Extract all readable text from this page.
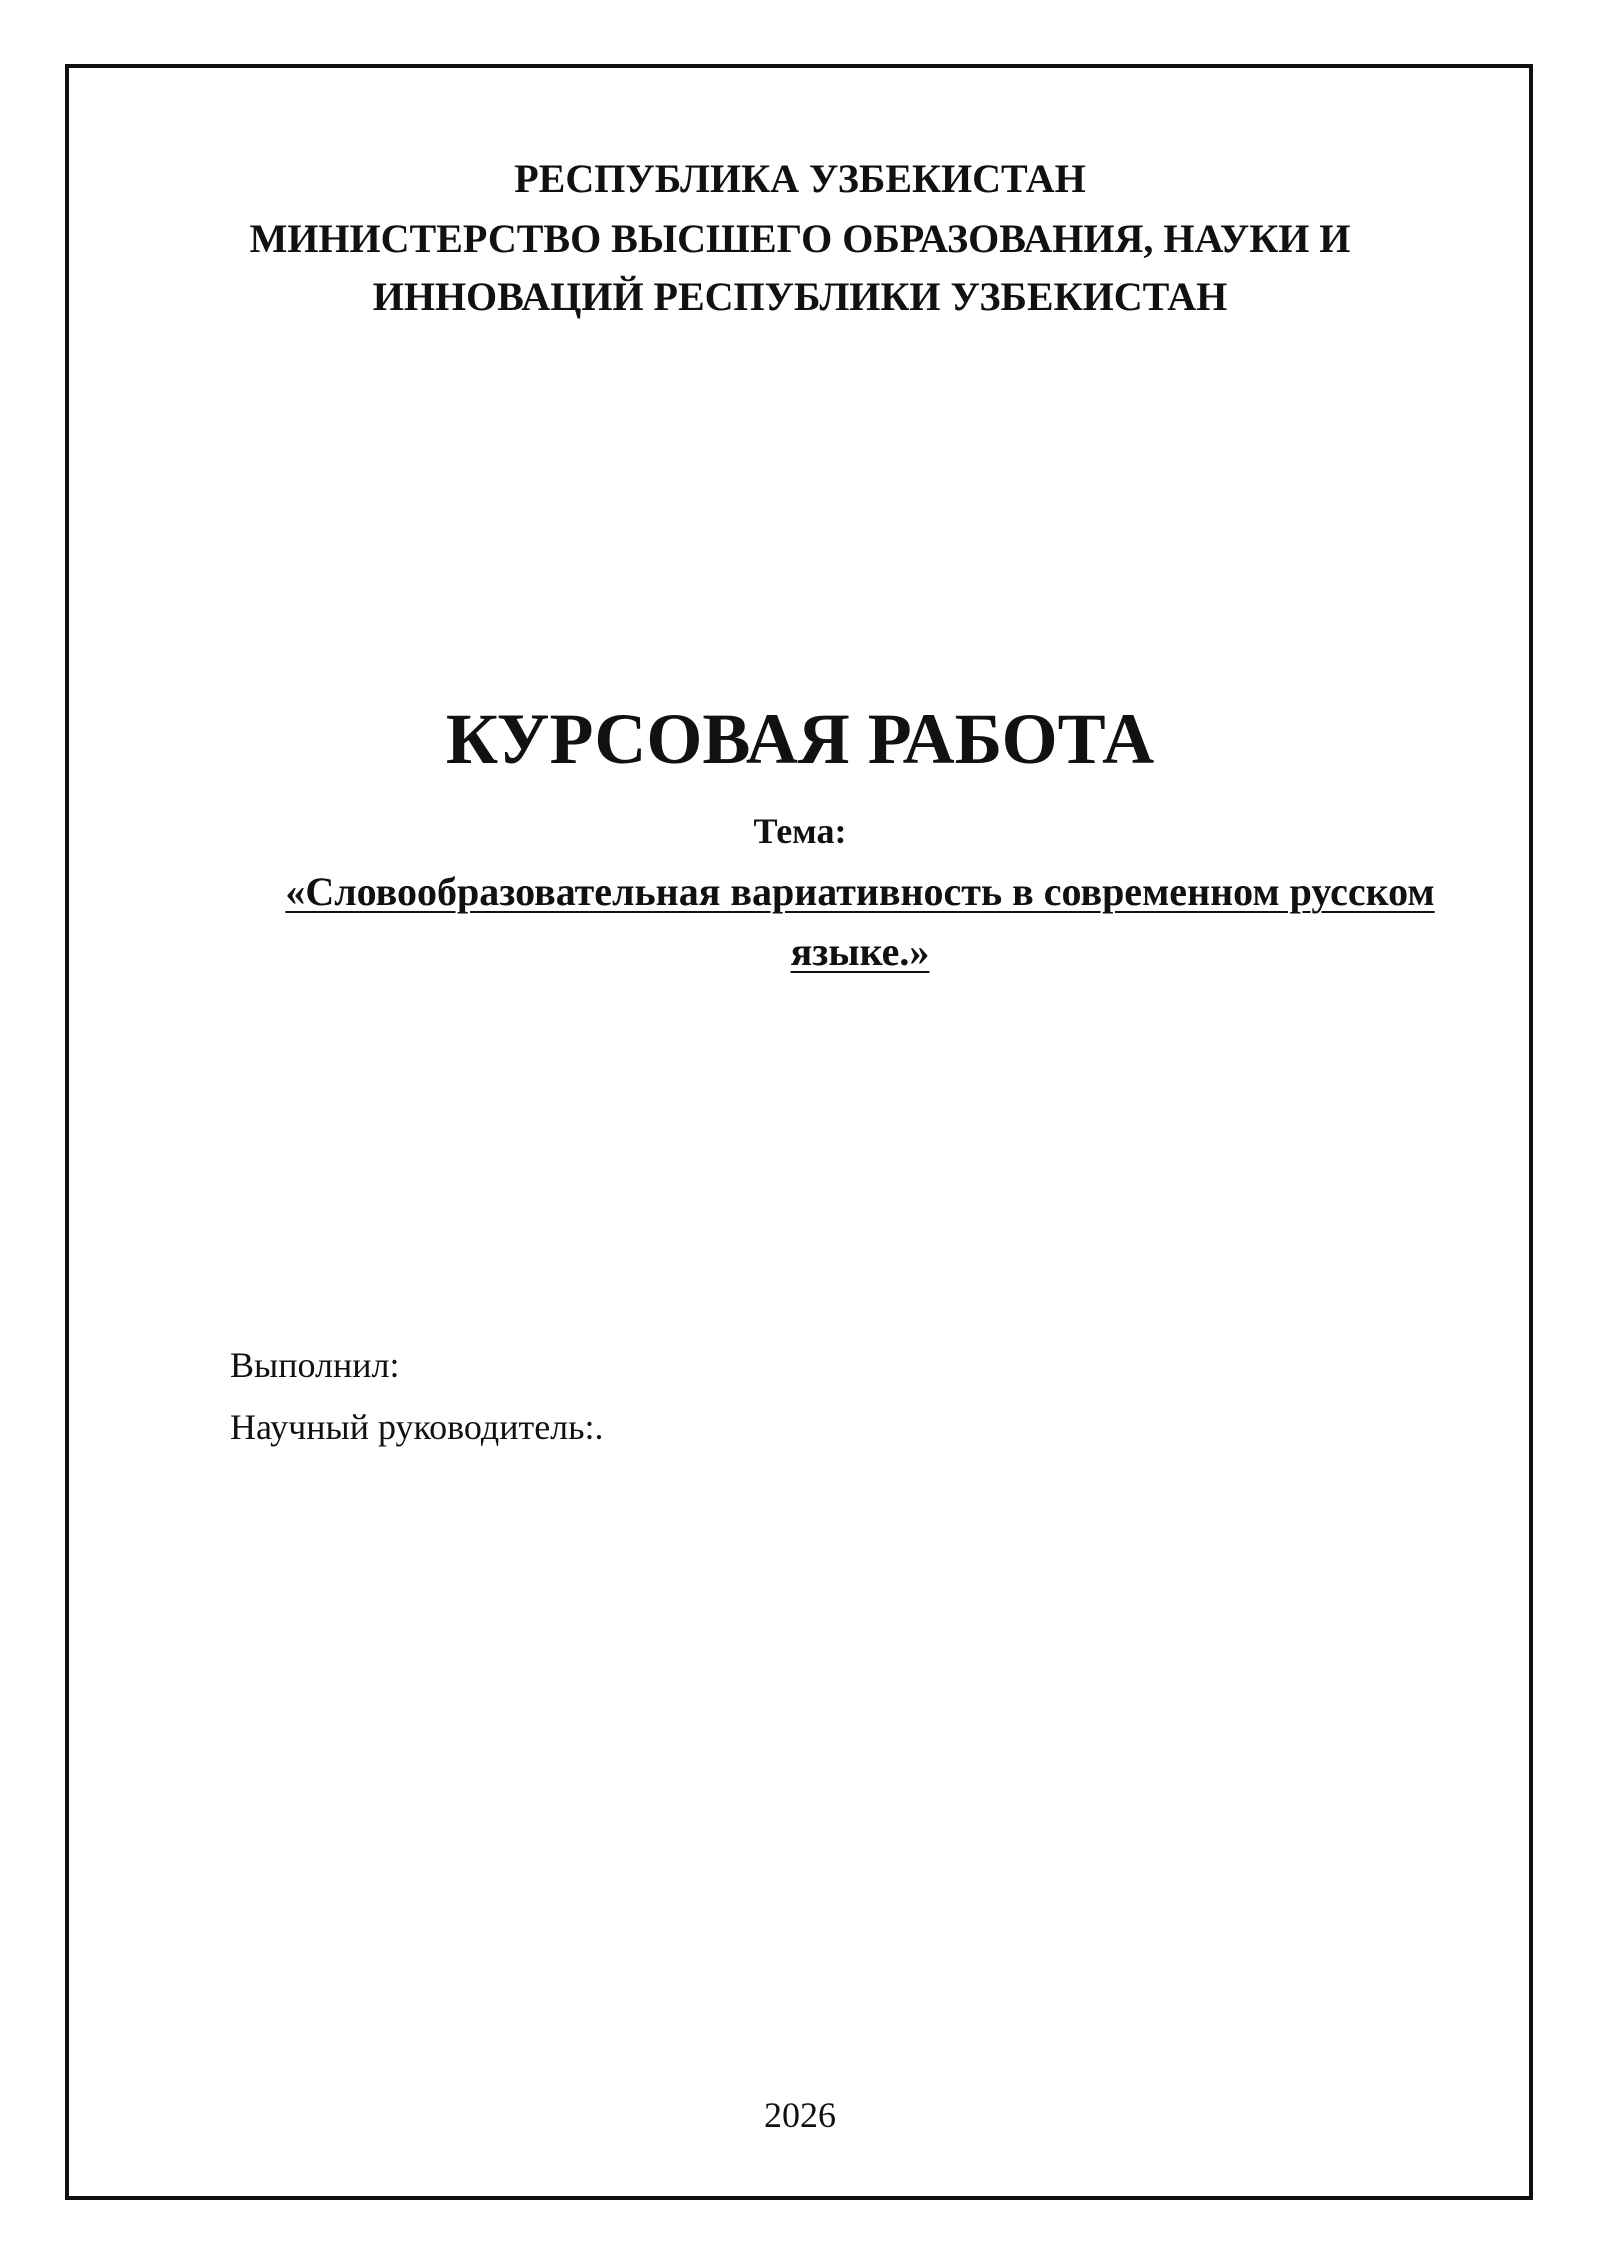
РЕСПУБЛИКА УЗБЕКИСТАН
МИНИСТЕРСТВО ВЫСШЕГО ОБРАЗОВАНИЯ, НАУКИ И
ИННОВАЦИЙ РЕСПУБЛИКИ УЗБЕКИСТАН
КУРСОВАЯ РАБОТА
Тема:
«Словообразовательная вариативность в современном русском языке.»
Выполнил:
Научный руководитель:.
2026
